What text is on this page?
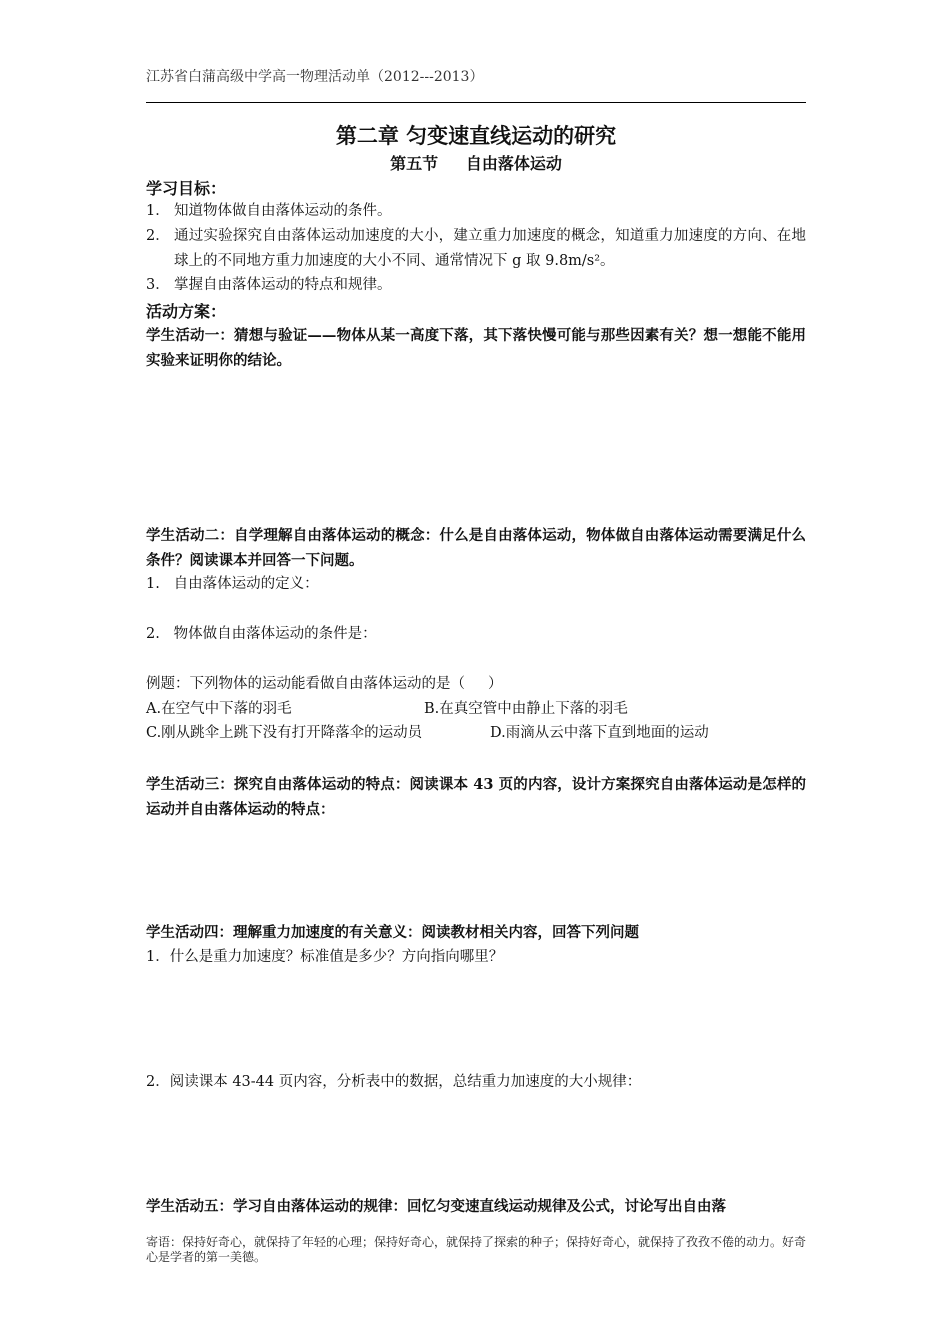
江苏省白蒲高级中学高一物理活动单（2012---2013）
第二章 匀变速直线运动的研究
第五节     自由落体运动
学习目标：
1． 知道物体做自由落体运动的条件。
2． 通过实验探究自由落体运动加速度的大小，建立重力加速度的概念，知道重力加速度的方向、在地球上的不同地方重力加速度的大小不同、通常情况下 g 取 9.8m/s²。
3． 掌握自由落体运动的特点和规律。
活动方案：
学生活动一：猜想与验证——物体从某一高度下落，其下落快慢可能与那些因素有关？想一想能不能用实验来证明你的结论。
学生活动二：自学理解自由落体运动的概念：什么是自由落体运动，物体做自由落体运动需要满足什么条件？阅读课本并回答一下问题。
1.   自由落体运动的定义：
2.   物体做自由落体运动的条件是：
例题：下列物体的运动能看做自由落体运动的是（     ）
A.在空气中下落的羽毛	B.在真空管中由静止下落的羽毛
C.刚从跳伞上跳下没有打开降落伞的运动员	D.雨滴从云中落下直到地面的运动
学生活动三：探究自由落体运动的特点：阅读课本 43 页的内容，设计方案探究自由落体运动是怎样的运动并自由落体运动的特点：
学生活动四：理解重力加速度的有关意义：阅读教材相关内容，回答下列问题
1．什么是重力加速度？标准值是多少？方向指向哪里？
2．阅读课本 43-44 页内容，分析表中的数据，总结重力加速度的大小规律：
学生活动五：学习自由落体运动的规律：回忆匀变速直线运动规律及公式，讨论写出自由落
寄语：保持好奇心，就保持了年轻的心理；保持好奇心，就保持了探索的种子；保持好奇心，就保持了孜孜不倦的动力。好奇心是学者的第一美德。
